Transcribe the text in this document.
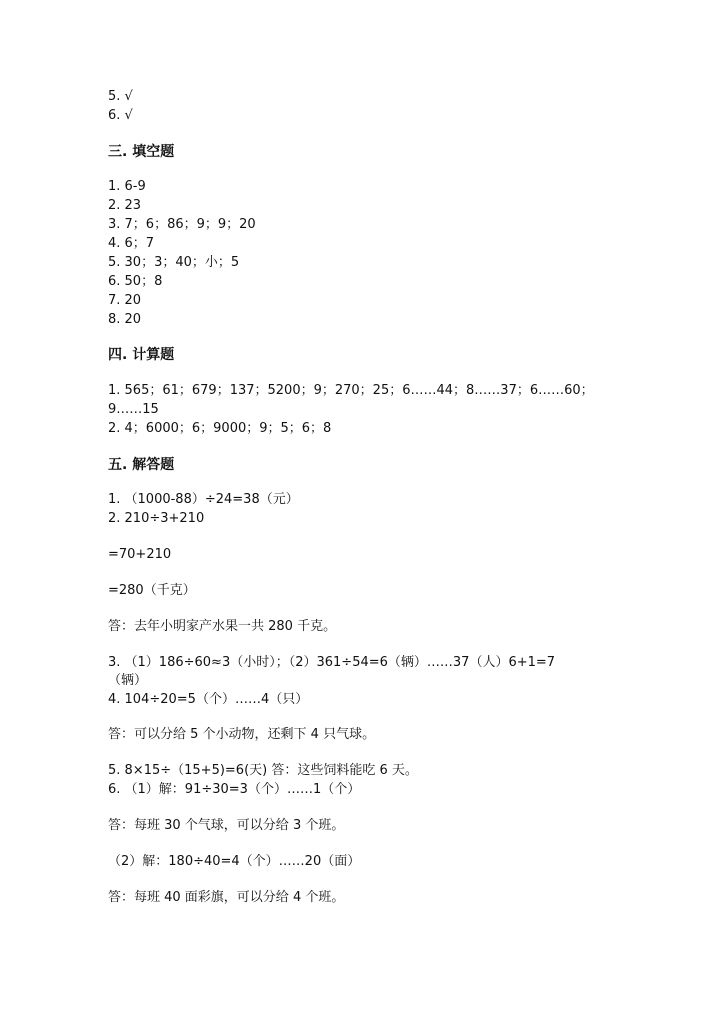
5. √
6. √
三. 填空题
1. 6-9
2. 23
3. 7；6；86；9；9；20
4. 6；7
5. 30；3；40；小；5
6. 50；8
7. 20
8. 20
四. 计算题
1. 565；61；679；137；5200；9；270；25；6……44；8……37；6……60；
9……15
2. 4；6000；6；9000；9；5；6；8
五. 解答题
1. （1000-88）÷24=38（元）
2. 210÷3+210
=70+210
=280（千克）
答：去年小明家产水果一共 280 千克。
3. （1）186÷60≈3（小时）；（2）361÷54=6（辆）……37（人）6+1=7
（辆）
4. 104÷20=5（个）……4（只）
答：可以分给 5 个小动物，还剩下 4 只气球。
5. 8×15÷（15+5)=6(天) 答：这些饲料能吃 6 天。
6. （1）解：91÷30=3（个）……1（个）
答：每班 30 个气球，可以分给 3 个班。
（2）解：180÷40=4（个）……20（面）
答：每班 40 面彩旗，可以分给 4 个班。
